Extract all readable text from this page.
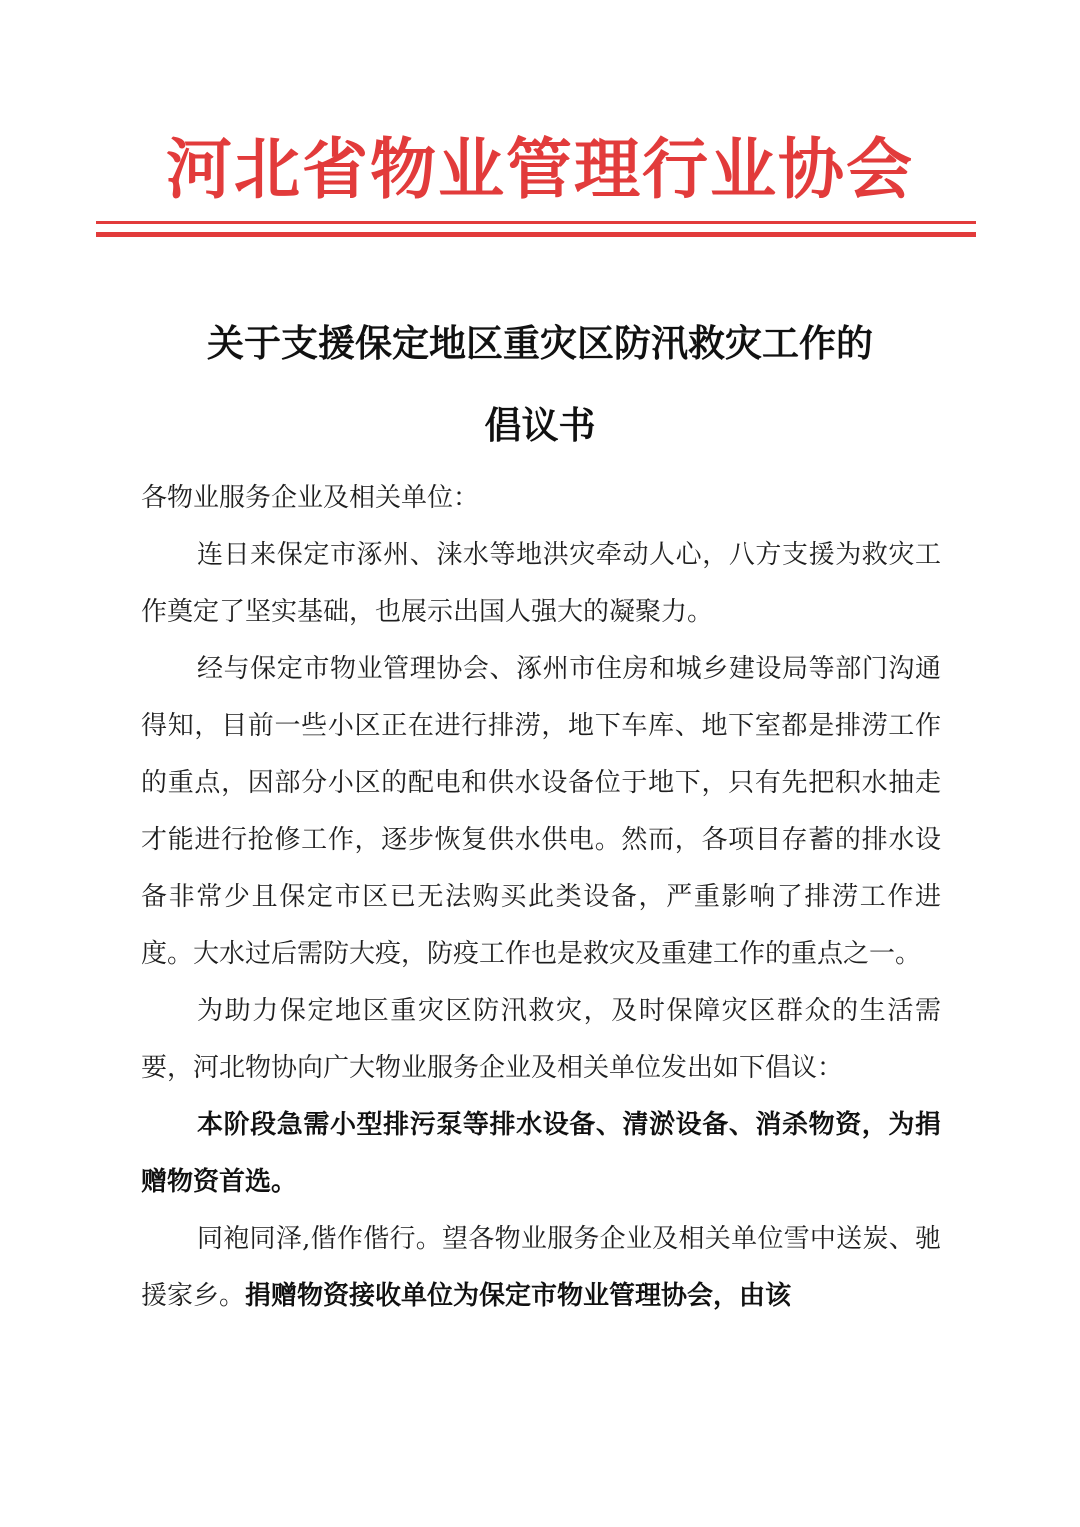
河北省物业管理行业协会
关于支援保定地区重灾区防汛救灾工作的
倡议书

各物业服务企业及相关单位：

连日来保定市涿州、涞水等地洪灾牵动人心，八方支援为救灾工作奠定了坚实基础，也展示出国人强大的凝聚力。

经与保定市物业管理协会、涿州市住房和城乡建设局等部门沟通得知，目前一些小区正在进行排涝，地下车库、地下室都是排涝工作的重点，因部分小区的配电和供水设备位于地下，只有先把积水抽走才能进行抢修工作，逐步恢复供水供电。然而，各项目存蓄的排水设备非常少且保定市区已无法购买此类设备，严重影响了排涝工作进度。大水过后需防大疫，防疫工作也是救灾及重建工作的重点之一。

为助力保定地区重灾区防汛救灾，及时保障灾区群众的生活需要，河北物协向广大物业服务企业及相关单位发出如下倡议：

本阶段急需小型排污泵等排水设备、清淤设备、消杀物资，为捐赠物资首选。

同袍同泽,偕作偕行。望各物业服务企业及相关单位雪中送炭、驰援家乡。捐赠物资接收单位为保定市物业管理协会，由该
